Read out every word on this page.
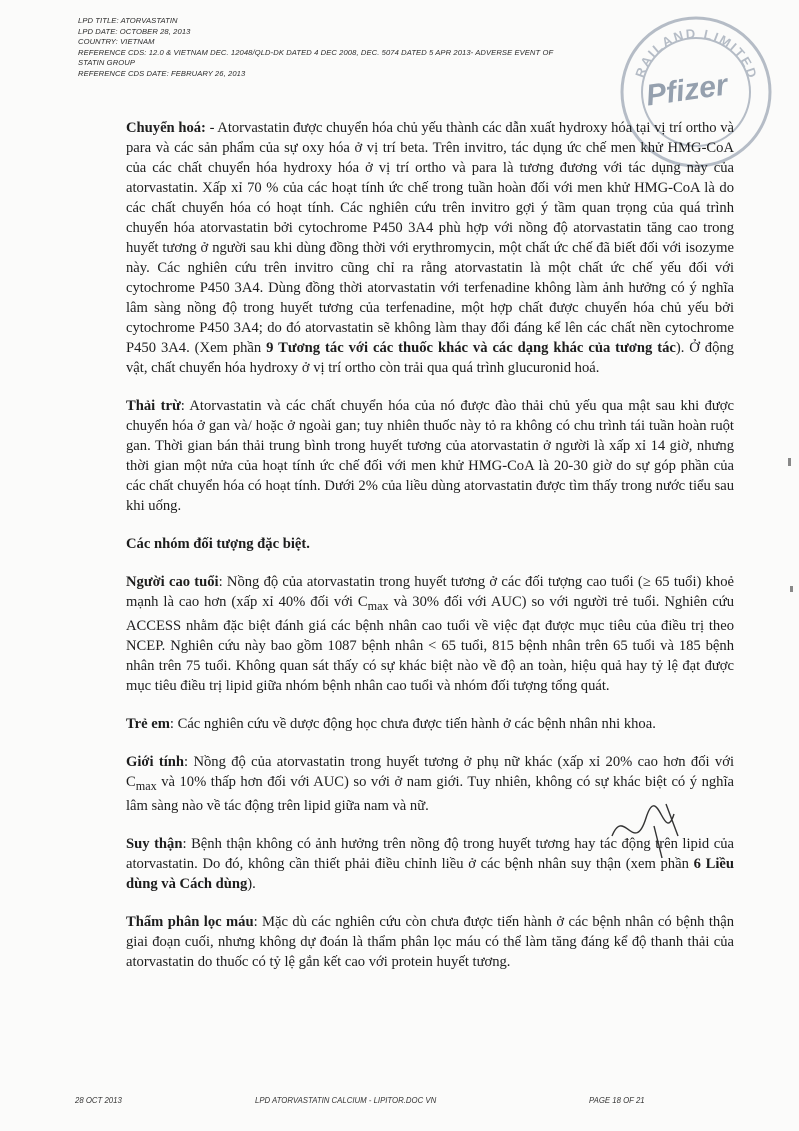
LPD TITLE: ATORVASTATIN
LPD DATE: OCTOBER 28, 2013
COUNTRY: VIETNAM
REFERENCE CDS: 12.0 & VIETNAM DEC. 12048/QLD-DK DATED 4 DEC 2008, DEC. 5074 DATED 5 APR 2013- ADVERSE EVENT OF
STATIN GROUP
REFERENCE CDS DATE: FEBRUARY 26, 2013	RAILAND LIMITED
Pfizer

Chuyển hoá: - Atorvastatin được chuyển hóa chủ yếu thành các dẫn xuất hydroxy hóa tại vị trí ortho và para và các sản phẩm của sự oxy hóa ở vị trí beta. Trên invitro, tác dụng ức chế men khử HMG-CoA của các chất chuyển hóa hydroxy hóa ở vị trí ortho và para là tương đương với tác dụng này của atorvastatin. Xấp xỉ 70 % của các hoạt tính ức chế trong tuần hoàn đối với men khử HMG-CoA là do các chất chuyển hóa có hoạt tính. Các nghiên cứu trên invitro gợi ý tầm quan trọng của quá trình chuyển hóa atorvastatin bởi cytochrome P450 3A4 phù hợp với nồng độ atorvastatin tăng cao trong huyết tương ở người sau khi dùng đồng thời với erythromycin, một chất ức chế đã biết đối với isozyme này. Các nghiên cứu trên invitro cũng chỉ ra rằng atorvastatin là một chất ức chế yếu đối với cytochrome P450 3A4. Dùng đồng thời atorvastatin với terfenadine không làm ảnh hưởng có ý nghĩa lâm sàng nồng độ trong huyết tương của terfenadine, một hợp chất được chuyển hóa chủ yếu bởi cytochrome P450 3A4; do đó atorvastatin sẽ không làm thay đổi đáng kể lên các chất nền cytochrome P450 3A4. (Xem phần 9 Tương tác với các thuốc khác và các dạng khác của tương tác). Ở động vật, chất chuyển hóa hydroxy ở vị trí ortho còn trải qua quá trình glucuronid hoá.

Thải trừ: Atorvastatin và các chất chuyển hóa của nó được đào thải chủ yếu qua mật sau khi được chuyển hóa ở gan và/ hoặc ở ngoài gan; tuy nhiên thuốc này tỏ ra không có chu trình tái tuần hoàn ruột gan. Thời gian bán thải trung bình trong huyết tương của atorvastatin ở người là xấp xỉ 14 giờ, nhưng thời gian một nửa của hoạt tính ức chế đối với men khử HMG-CoA là 20-30 giờ do sự góp phần của các chất chuyển hóa có hoạt tính. Dưới 2% của liều dùng atorvastatin được tìm thấy trong nước tiểu sau khi uống.

Các nhóm đối tượng đặc biệt.

Người cao tuổi: Nồng độ của atorvastatin trong huyết tương ở các đối tượng cao tuổi (≥ 65 tuổi) khoẻ mạnh là cao hơn (xấp xỉ 40% đối với $C_{max}$ và 30% đối với AUC) so với người trẻ tuổi. Nghiên cứu ACCESS nhằm đặc biệt đánh giá các bệnh nhân cao tuổi về việc đạt được mục tiêu của điều trị theo NCEP. Nghiên cứu này bao gồm 1087 bệnh nhân < 65 tuổi, 815 bệnh nhân trên 65 tuổi và 185 bệnh nhân trên 75 tuổi. Không quan sát thấy có sự khác biệt nào về độ an toàn, hiệu quả hay tỷ lệ đạt được mục tiêu điều trị lipid giữa nhóm bệnh nhân cao tuổi và nhóm đối tượng tổng quát.

Trẻ em: Các nghiên cứu về dược động học chưa được tiến hành ở các bệnh nhân nhi khoa.

Giới tính: Nồng độ của atorvastatin trong huyết tương ở phụ nữ khác (xấp xỉ 20% cao hơn đối với $C_{max}$ và 10% thấp hơn đối với AUC) so với ở nam giới. Tuy nhiên, không có sự khác biệt có ý nghĩa lâm sàng nào về tác động trên lipid giữa nam và nữ.

Suy thận: Bệnh thận không có ảnh hưởng trên nồng độ trong huyết tương hay tác động trên lipid của atorvastatin. Do đó, không cần thiết phải điều chỉnh liều ở các bệnh nhân suy thận (xem phần 6 Liều dùng và Cách dùng).

Thẩm phân lọc máu: Mặc dù các nghiên cứu còn chưa được tiến hành ở các bệnh nhân có bệnh thận giai đoạn cuối, nhưng không dự đoán là thẩm phân lọc máu có thể làm tăng đáng kể độ thanh thải của atorvastatin do thuốc có tỷ lệ gắn kết cao với protein huyết tương.

28 OCT 2013	LPD ATORVASTATIN CALCIUM - LIPITOR.DOC VN	PAGE 18 OF 21
